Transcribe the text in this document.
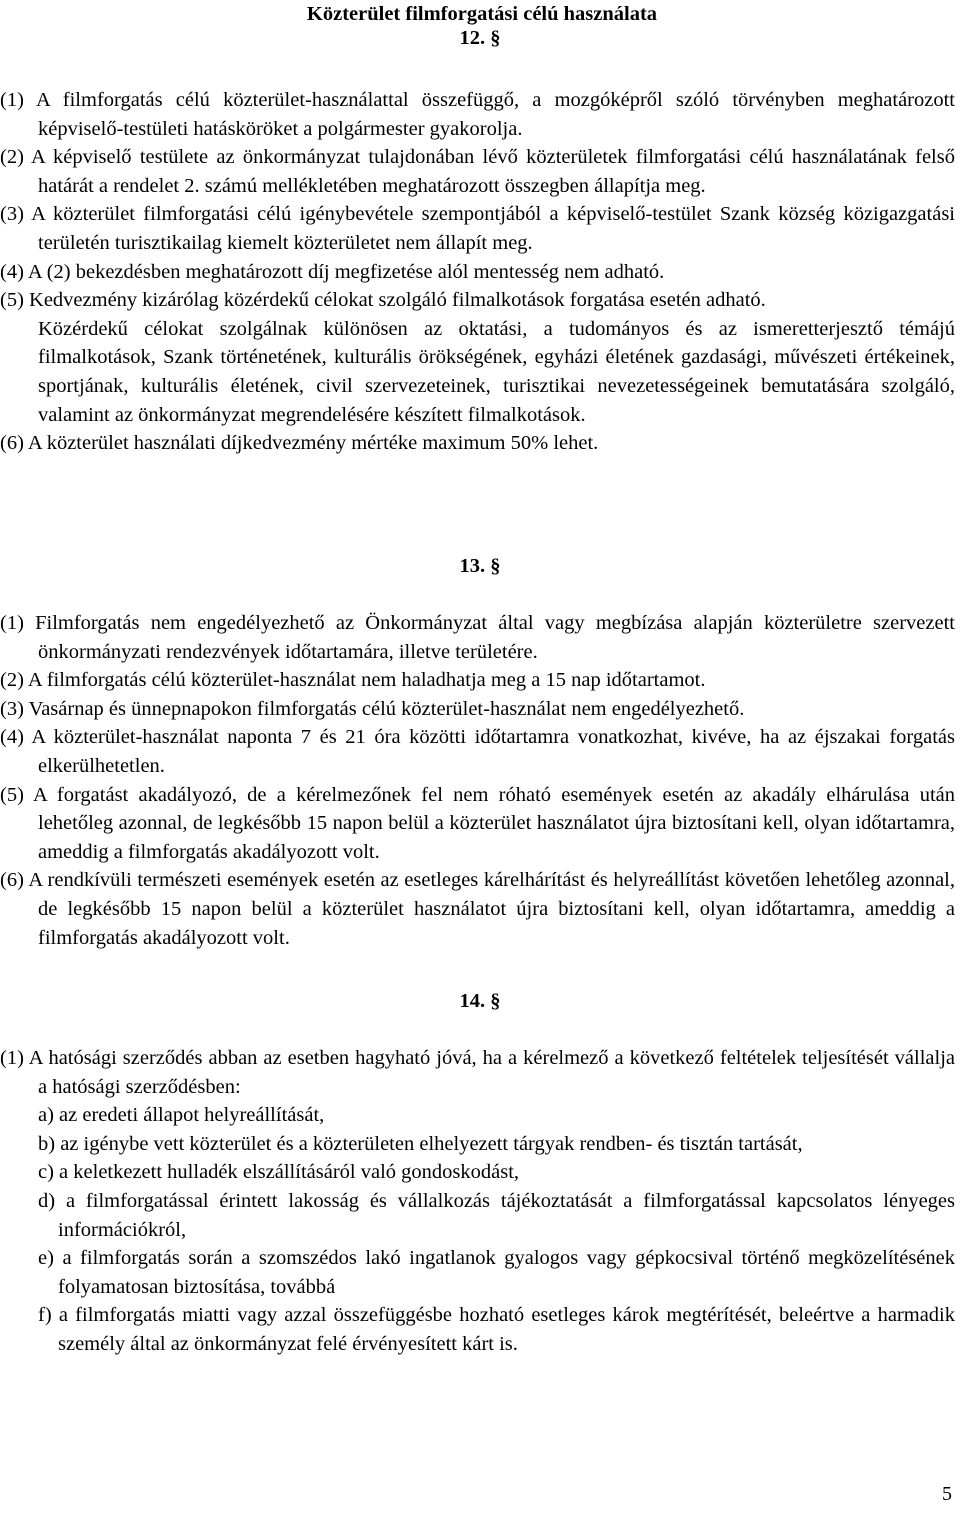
Közterület filmforgatási célú használata
12. §

(1) A filmforgatás célú közterület-használattal összefüggő, a mozgóképről szóló törvényben meghatározott képviselő-testületi hatásköröket a polgármester gyakorolja.

(2) A képviselő testülete az önkormányzat tulajdonában lévő közterületek filmforgatási célú használatának felső határát a rendelet 2. számú mellékletében meghatározott összegben állapítja meg.

(3) A közterület filmforgatási célú igénybevétele szempontjából a képviselő-testület Szank község közigazgatási területén turisztikailag kiemelt közterületet nem állapít meg.

(4) A (2) bekezdésben meghatározott díj megfizetése alól mentesség nem adható.

(5) Kedvezmény kizárólag közérdekű célokat szolgáló filmalkotások forgatása esetén adható.

Közérdekű célokat szolgálnak különösen az oktatási, a tudományos és az ismeretterjesztő témájú filmalkotások, Szank történetének, kulturális örökségének, egyházi életének gazdasági, művészeti értékeinek, sportjának, kulturális életének, civil szervezeteinek, turisztikai nevezetességeinek bemutatására szolgáló, valamint az önkormányzat megrendelésére készített filmalkotások.

(6) A közterület használati díjkedvezmény mértéke maximum 50% lehet.

13. §

(1) Filmforgatás nem engedélyezhető az Önkormányzat által vagy megbízása alapján közterületre szervezett önkormányzati rendezvények időtartamára, illetve területére.

(2) A filmforgatás célú közterület-használat nem haladhatja meg a 15 nap időtartamot.

(3) Vasárnap és ünnepnapokon filmforgatás célú közterület-használat nem engedélyezhető.

(4) A közterület-használat naponta 7 és 21 óra közötti időtartamra vonatkozhat, kivéve, ha az éjszakai forgatás elkerülhetetlen.

(5) A forgatást akadályozó, de a kérelmezőnek fel nem róható események esetén az akadály elhárulása után lehetőleg azonnal, de legkésőbb 15 napon belül a közterület használatot újra biztosítani kell, olyan időtartamra, ameddig a filmforgatás akadályozott volt.

(6) A rendkívüli természeti események esetén az esetleges kárelhárítást és helyreállítást követően lehetőleg azonnal, de legkésőbb 15 napon belül a közterület használatot újra biztosítani kell, olyan időtartamra, ameddig a filmforgatás akadályozott volt.

14. §

(1) A hatósági szerződés abban az esetben hagyható jóvá, ha a kérelmező a következő feltételek teljesítését vállalja a hatósági szerződésben:

a) az eredeti állapot helyreállítását,

b) az igénybe vett közterület és a közterületen elhelyezett tárgyak rendben- és tisztán tartását,

c) a keletkezett hulladék elszállításáról való gondoskodást,

d) a filmforgatással érintett lakosság és vállalkozás tájékoztatását a filmforgatással kapcsolatos lényeges információkról,

e) a filmforgatás során a szomszédos lakó ingatlanok gyalogos vagy gépkocsival történő megközelítésének folyamatosan biztosítása, továbbá

f) a filmforgatás miatti vagy azzal összefüggésbe hozható esetleges károk megtérítését, beleértve a harmadik személy által az önkormányzat felé érvényesített kárt is.

5
